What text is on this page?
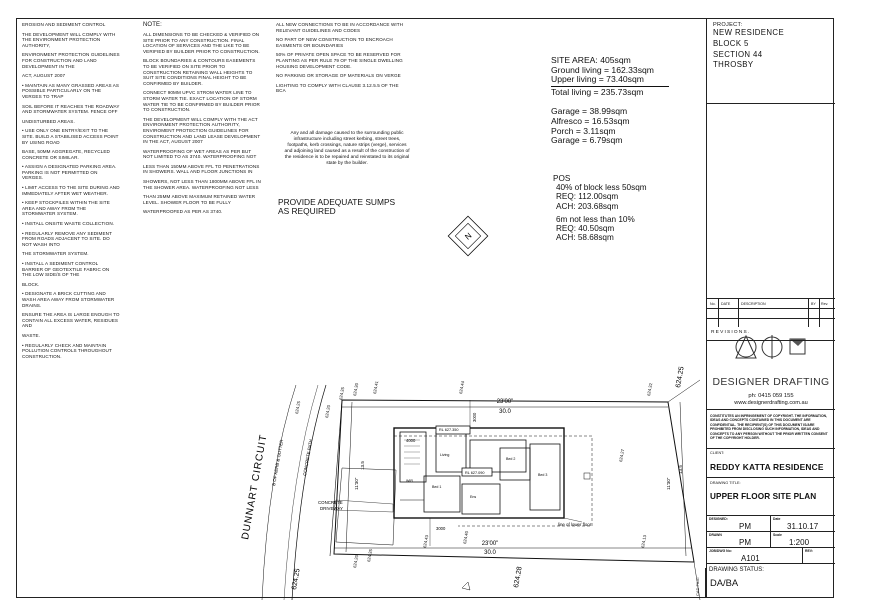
EROSION AND SEDIMENT CONTROL

THE DEVELOPMENT WILL COMPLY WITH THE ENVIRONMENT PROTECTION AUTHORITY,

ENVIRONMENT PROTECTION GUIDELINES FOR CONSTRUCTION AND LAND DEVELOPMENT IN THE

ACT, AUGUST 2007

• MAINTAIN AS MANY GRASSED AREAS AS POSSIBLE PARTICULARLY ON THE VERGES TO TRAP

SOIL BEFORE IT REACHES THE ROADWAY AND STORMWATER SYSTEM. FENCE OFF

UNDISTURBED AREAS.

• USE ONLY ONE ENTRY/EXIT TO THE SITE. BUILD A STABILISED ACCESS POINT BY USING ROAD

BASE, 50MM AGGREGATE, RECYCLED CONCRETE OR SIMILAR.

• ASSIGN A DESIGNATED PARKING AREA. PARKING IS NOT PERMITTED ON VERGES.

• LIMIT ACCESS TO THE SITE DURING AND IMMEDIATELY AFTER WET WEATHER.

• KEEP STOCKPILES WITHIN THE SITE AREA AND AWAY FROM THE STORMWATER SYSTEM.

• INSTALL ONSITE WASTE COLLECTION.

• REGULARLY REMOVE ANY SEDIMENT FROM ROADS ADJACENT TO SITE. DO NOT WASH INTO

THE STORMWATER SYSTEM.

• INSTALL A SEDIMENT CONTROL BARRIER OF GEOTEXTILE FABRIC ON THE LOW SIDE/S OF THE

BLOCK.

• DESIGNATE A BRICK CUTTING AND WASH AREA AWAY FROM STORMWATER DRAINS.

ENSURE THE AREA IS LARGE ENOUGH TO CONTAIN ALL EXCESS WATER, RESIDUES AND

WASTE.

• REGULARLY CHECK AND MAINTAIN POLLUTION CONTROLS THROUGHOUT CONSTRUCTION.

NOTE:

ALL DIMENSIONS TO BE CHECKED & VERIFIED ON SITE PRIOR TO ANY CONSTRUCTION. FINAL LOCATION OF SERVICES AND THE LIKE TO BE VERIFIED BY BUILDER PRIOR TO CONSTRUCTION.

BLOCK BOUNDARIES & CONTOURS EASEMENTS TO BE VERIFIED ON SITE PRIOR TO CONSTRUCTION RETAINING WALL HEIGHTS TO SUIT SITE CONDITIONS FINAL HEIGHT TO BE CONFIRMED BY BUILDER.

CONNECT 90MM UPVC STROM WATER LINE TO STORM WATER TIE. EXACT LOCATION OF STORM WATER TIE TO BE CONFIRMED BY BUILDER PRIOR TO CONSTRUCTION.

THE DEVELOPMENT WILL COMPLY WITH THE ACT ENVIRONMENT PROTECTION AUTHORITY, ENVIROMENT PROTECTION GUIDELINES FOR CONSTRUCTION AND LAND LEASE DEVELOPMENT IN THE ACT, AUGUST 2007

WATERPROOFING OF WET AREAS AS PER BUT NOT LIMITED TO AS 3740. WATERPROOFING NOT

LESS THAN 150MM ABOVE FFL TO PENETRATIONS IN SHOWERS. WALL AND FLOOR JUNCTIONS IN

SHOWERS, NOT LESS THAN 1800MM ABOVE FFL IN THE SHOWER AREA. WATERPROOFING NOT LESS

THAN 25MM ABOVE MAXIMUM RETAINED WATER LEVEL. SHOWER FLOOR TO BE FULLY

WATERPROOFED AS PER AS 3740.

ALL NEW CONNECTIONS TO BE IN ACCORDANCE WITH RELEVANT GUIDELINES AND CODES

NO PART OF NEW CONSTRUCTION TO ENCROACH EASMENTS OR BOUNDARIES

50% OF PRIVATE OPEN SPACE TO BE RESERVED FOR PLANTING AS PER RULE 79 OF THE SINGLE DWELLING HOUSING DEVELOPMENT CODE.

NO PARKING OR STORAGE OF MATERIALS ON VERGE

LIGHTING TO COMPLY WITH CLAUSE 3.12.5.5 OF THE BCA

Any and all damage caused to the surrounding public infrastructure including street kerbing, street trees, footpaths, kerb crossings, nature strips (verge), services and adjoining land caused as a result of the construction of the residence is to be repaired and reinstated to its original state by the builder.
PROVIDE ADEQUATE SUMPS
AS REQUIRED
SITE AREA: 405sqm
Ground living = 162.33sqm
Upper living = 73.40sqm
Total living = 235.73sqm
Garage = 38.99sqm
Alfresco = 16.53sqm
Porch = 3.11sqm
Garage = 6.79sqm
POS
40% of block less 50sqm
REQ: 112.00sqm
ACH: 203.68sqm
6m not less than 10%
REQ: 40.50sqm
ACH: 58.68sqm
N
DUNNART CIRCUIT B OF KERB & GUTTER	CONCRETE PATH
CONCRETE
DRIVEWAY
23'00"
30.0
23'00"
30.0
11'30"
13.5
11'30"
13.5
line of lower floor
Bed 1
Bed 2
Bed 3
Living
WIR
Ens
RL 627.350
RL 627.090
4000
3000
3000
624.25	624.20
624.30
624.35	624.41	624.44	624.32
624.25
624.27
624.13
624.40
624.43
624.35
624.25	624.28
624.20
PROJECT:
NEW RESIDENCE
BLOCK 5
SECTION 44
THROSBY
No. DATE	DESCRIPTION	BY Rev.
REVISIONS.
DESIGNER DRAFTING
ph: 0415 059 155
www.designerdrafting.com.au
CONSTITUTES AN INFRINGEMENT OF COPYRIGHT. THE INFORMATION, IDEAS AND CONCEPTS CONTAINED IN THIS DOCUMENT ARE CONFIDENTIAL. THE RECIPIENT(S) OF THIS DOCUMENT IS/ARE PROHIBITED FROM DISCLOSING SUCH INFORMATION, IDEAS AND CONCEPTS TO ANY PERSON WITHOUT THE PRIOR WRITTEN CONSENT OF THE COPYRIGHT HOLDER.
CLIENT:
REDDY KATTA RESIDENCE
DRAWING TITLE:
UPPER FLOOR SITE PLAN
DESIGNED:
PM
Date
31.10.17
DRAWN
PM
Scale
1:200
JOB/DWG No:
A101
REV:
DRAWING STATUS:
DA/BA
CAD FILE:
